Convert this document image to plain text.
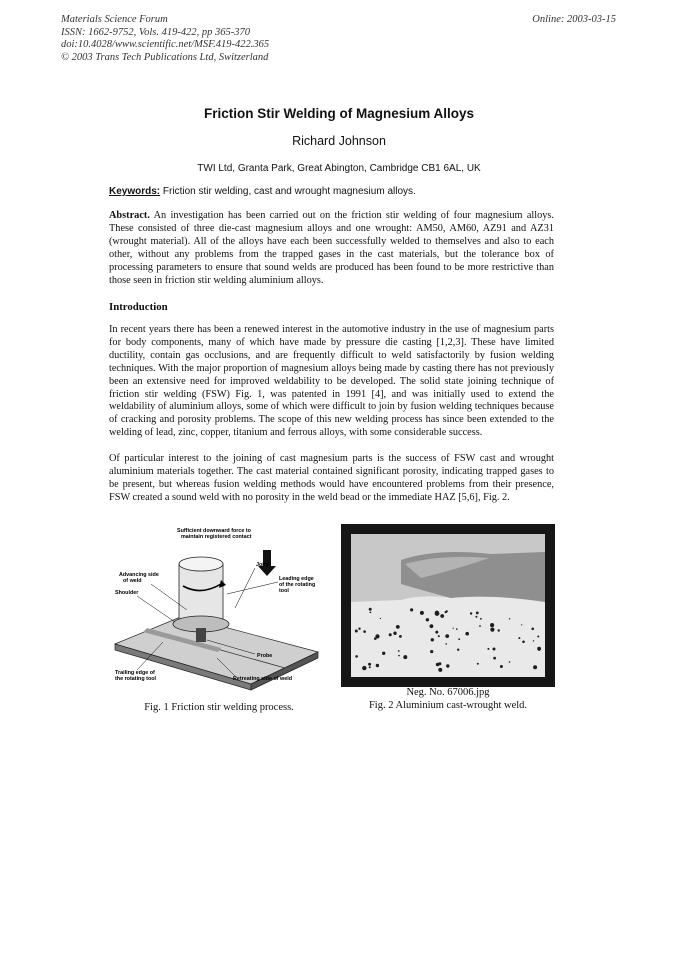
Materials Science Forum
ISSN: 1662-9752, Vols. 419-422, pp 365-370
doi:10.4028/www.scientific.net/MSF.419-422.365
© 2003 Trans Tech Publications Ltd, Switzerland
Online: 2003-03-15
Friction Stir Welding of Magnesium Alloys
Richard Johnson
TWI Ltd, Granta Park, Great Abington, Cambridge CB1 6AL, UK
Keywords: Friction stir welding, cast and wrought magnesium alloys.

Abstract. An investigation has been carried out on the friction stir welding of four magnesium alloys. These consisted of three die-cast magnesium alloys and one wrought: AM50, AM60, AZ91 and AZ31 (wrought material). All of the alloys have each been successfully welded to themselves and also to each other, without any problems from the trapped gases in the cast materials, but the tolerance box of processing parameters to ensure that sound welds are produced has been found to be more restrictive than those seen in friction stir welding aluminium alloys.

Introduction

In recent years there has been a renewed interest in the automotive industry in the use of magnesium parts for body components, many of which have made by pressure die casting [1,2,3]. These have limited ductility, contain gas occlusions, and are frequently difficult to weld satisfactorily by fusion welding techniques. With the major proportion of magnesium alloys being made by casting there has not previously been an extensive need for improved weldability to be developed. The solid state joining technique of friction stir welding (FSW) Fig. 1, was patented in 1991 [4], and was initially used to extend the weldability of aluminium alloys, some of which were difficult to join by fusion welding techniques because of cracking and porosity problems. The scope of this new welding process has since been extended to the welding of lead, zinc, copper, titanium and ferrous alloys, with some considerable success.

Of particular interest to the joining of cast magnesium parts is the success of FSW cast and wrought aluminium materials together. The cast material contained significant porosity, indicating trapped gases to be present, but whereas fusion welding methods would have encountered problems from their presence, FSW created a sound weld with no porosity in the weld bead or the immediate HAZ [5,6], Fig. 2.

Sufficient downward force to
maintain registered contact
Joint
Advancing side
of weld
Shoulder
Leading edge
of the rotating
tool
Probe
Trailing edge of
the rotating tool	Retreating side of weld
Neg. No. 67006.jpg
Fig. 1 Friction stir welding process.	Fig. 2 Aluminium cast-wrought weld.
